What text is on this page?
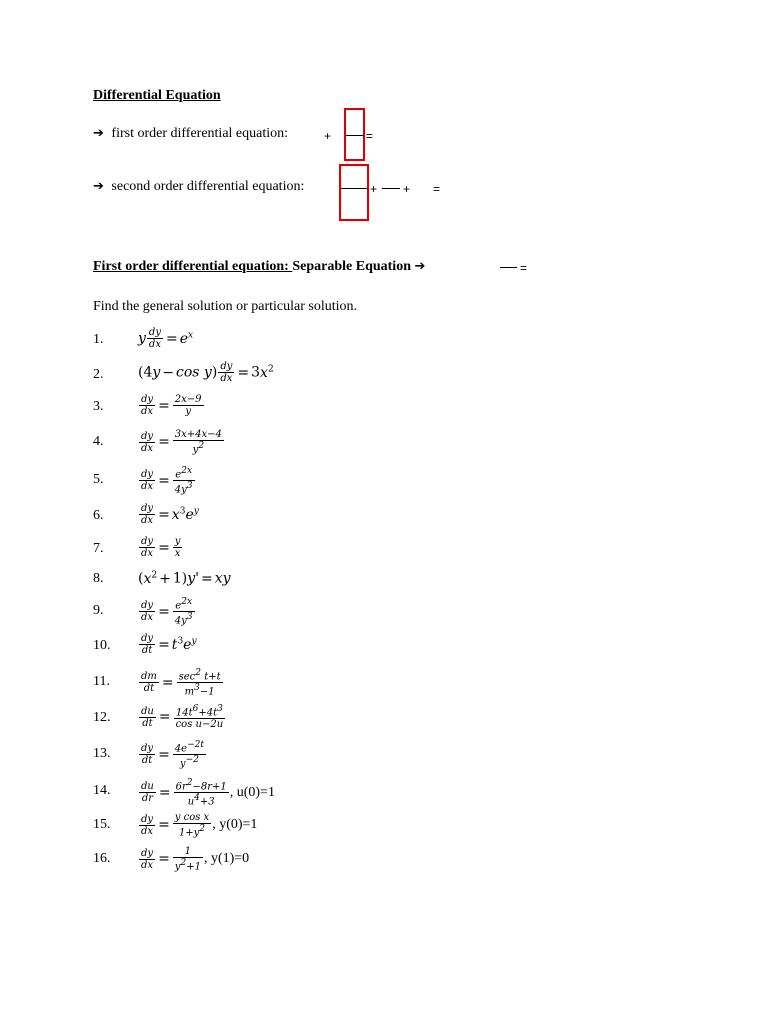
Differential Equation
➔ first order differential equation:	+	=
➔ second order differential equation:	+ + =
First order differential equation: Separable Equation ➔	=
Find the general solution or particular solution.
1. y $\frac{dy}{dx} = e^x$
2. $(4y - \cos y) \frac{dy}{dx} = 3x^2$
3.	$\frac{dy}{dx} = \frac{2x-9}{y}$
4.	$\frac{dy}{dx} = \frac{3x+4x-4}{y^2}$
5.	$\frac{dy}{dx} = \frac{e^{2x}}{4y^3}$
6.	$\frac{dy}{dx} = x^3e^y$
7.	$\frac{dy}{dx} = \frac{y}{x}$
8. $(x^2 + 1)y'$ = xy
9.	$\frac{dy}{dx} = \frac{e^{2x}}{4y^3}$
10.	$\frac{dy}{dt} = t^3e^y$
11.	$\frac{dm}{dt} = \frac{\sec^2 t+t}{m^3-1}$
12.	$\frac{du}{dt} = \frac{14t^6+4t^3}{\text{cos u−2u}}$
13.	$\frac{dy}{dt} = \frac{4e^{-2t}}{y^{-2}}$
14.	$\frac{du}{dr} = \frac{6r^2-8r+1}{u^4+3}$ , u(0)=1
15.	$\frac{dy}{dx} = \frac{\text{y cos x}}{1+y^2}$ , y(0)=1
16.	$\frac{dy}{dx} = \frac{1}{y^2+1}$ , y(1)=0
